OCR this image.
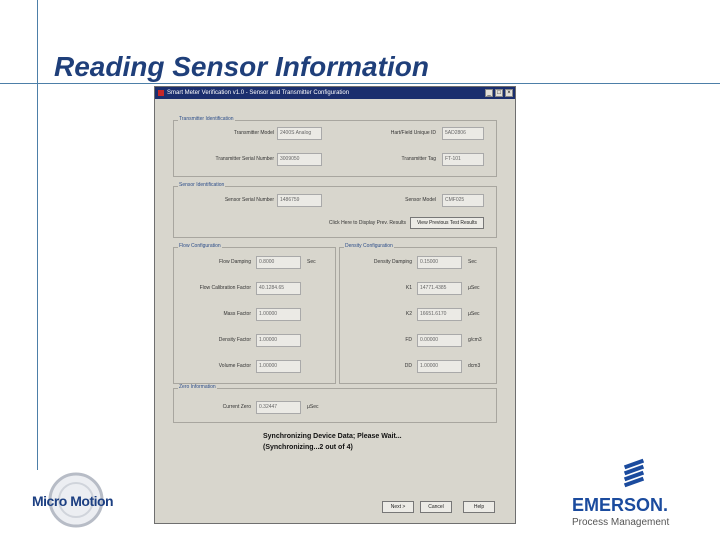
Reading Sensor Information
Smart Meter Verification v1.0 - Sensor and Transmitter Configuration	_	□	×
Transmitter Identification
Transmitter Model	2400S Analog
Transmitter Serial Number	3009050
Hart/Field Unique ID	5AD2806
Transmitter Tag	FT-101
Sensor Identification
Sensor Serial Number	1486759	Sensor Model	CMF025
Click Here to Display Prev. Results	View Previous Test Results
Flow Configuration
Flow Damping	0.8000	Sec
Flow Calibration Factor	40.1284.65
Mass Factor	1.00000
Density Factor	1.00000
Volume Factor	1.00000
Density Configuration
Density Damping	0.15000	Sec
K1	14771.4385	µSec
K2	16651.6170	µSec
FD	0.00000	g/cm3
DD	1.00000	dcm3
Zero Information
Current Zero	0.32447	µSec
Synchronizing Device Data; Please Wait...
(Synchronizing...2 out of 4)
Next >	Cancel	Help
Micro Motion	EMERSON.
Process Management
